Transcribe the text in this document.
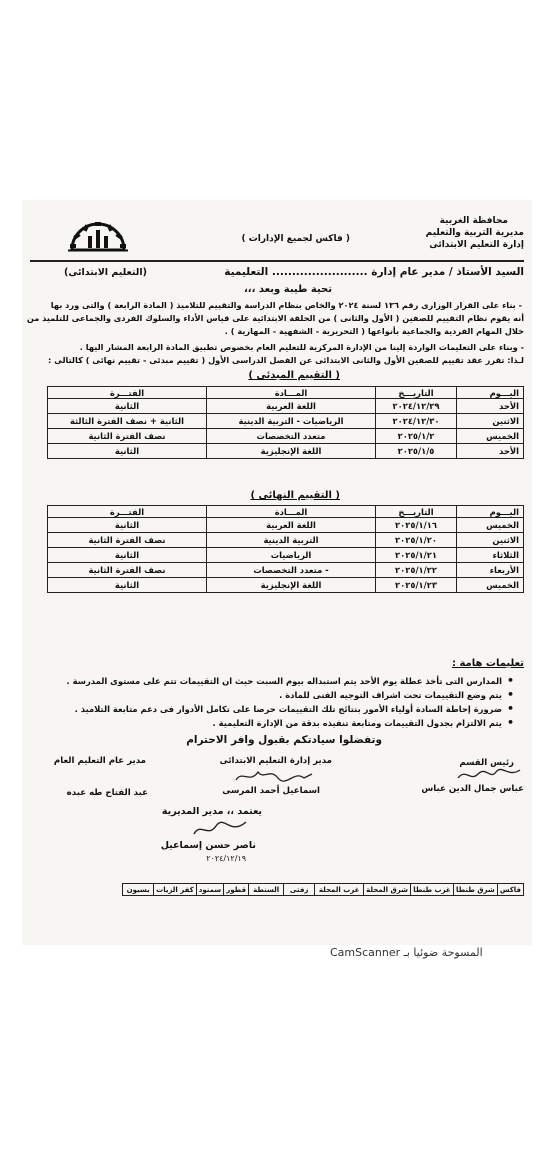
محافظة الغربية
مديرية التربية والتعليم
إدارة التعليم الابتدائى
( فاكس لجميع الإدارات )
السيد الأستاذ / مدير عام إدارة ........................ التعليمية
(التعليم الابتدائى)
تحية طيبة وبعد ،،،
- بناء على القرار الوزارى رقم ١٣٦ لسنة ٢٠٢٤ والخاص بنظام الدراسة والتقييم للتلاميذ ( المادة الرابعة ) والتى ورد بها
أنه يقوم نظام التقييم للصفين ( الأول والثانى ) من الحلقة الابتدائية على قياس الأداء والسلوك الفردى والجماعى للتلميذ من
خلال المهام الفردية والجماعية بأنواعها ( التحريرية - الشفهية - المهارية ) .
- وبناء على التعليمات الواردة إلينا من الإدارة المركزية للتعليم العام بخصوص تطبيق المادة الرابعة المشار اليها .
لـذا: تقرر عقد تقييم للصفين الأول والثانى الابتدائى عن الفصل الدراسى الأول ( تقييم مبدئى - تقييم نهائى ) كالتالى :
( التقييم المبدئى )
اليـــوم	التاريـــخ	المـــادة	الفتـــرة
الأحد	٢٠٢٤/١٢/٢٩	اللغة العربية	الثانية
الاثنين	٢٠٢٤/١٢/٣٠	الرياضيات - التربية الدينية	الثانية + نصف الفترة الثالثة
الخميس	٢٠٢٥/١/٢	متعدد التخصصات	نصف الفترة الثانية
الأحد	٢٠٢٥/١/٥	اللغة الإنجليزية	الثانية
( التقييم النهائى )
اليـــوم	التاريـــخ	المـــادة	الفتـــرة
الخميس	٢٠٢٥/١/١٦	اللغة العربية	الثانية
الاثنين	٢٠٢٥/١/٢٠	التربية الدينية	نصف الفترة الثانية
الثلاثاء	٢٠٢٥/١/٢١	الرياضيات	الثانية
الأربعاء	٢٠٢٥/١/٢٢	- متعدد التخصصات	نصف الفترة الثانية
الخميس	٢٠٢٥/١/٢٣	اللغة الإنجليزية	الثانية
تعليمات هامة :
• المدارس التى تأخذ عطلة يوم الأحد يتم استبداله بيوم السبت حيث ان التقييمات تتم على مستوى المدرسة .
• يتم وضع التقييمات تحت اشراف التوجيه الفنى للمادة .
• ضرورة إحاطة السادة أولياء الأمور بنتائج تلك التقييمات حرصا على تكامل الأدوار فى دعم متابعة التلاميذ .
• يتم الالتزام بجدول التقييمات ومتابعة تنفيذه بدقة من الإدارة التعليمية .
وتفضلوا سيادتكم بقبول وافر الاحترام
رئيس القسم
عباس جمال الدين عباس
مدير إدارة التعليم الابتدائى
اسماعيل أحمد المرسى
مدير عام التعليم العام
عبد الفتاح طه عبده
يعتمد ،، مدير المديرية
ناصر حسن إسماعيل
٢٠٢٤/١٢/١٩
فاكس	شرق طنطا	غرب طنطا	شرق المحلة	غرب المحلة	زفتى	السنطة	قطور	سمنود	كفر الزيات	بسيون
المسوحة ضوئيا بـ CamScanner
